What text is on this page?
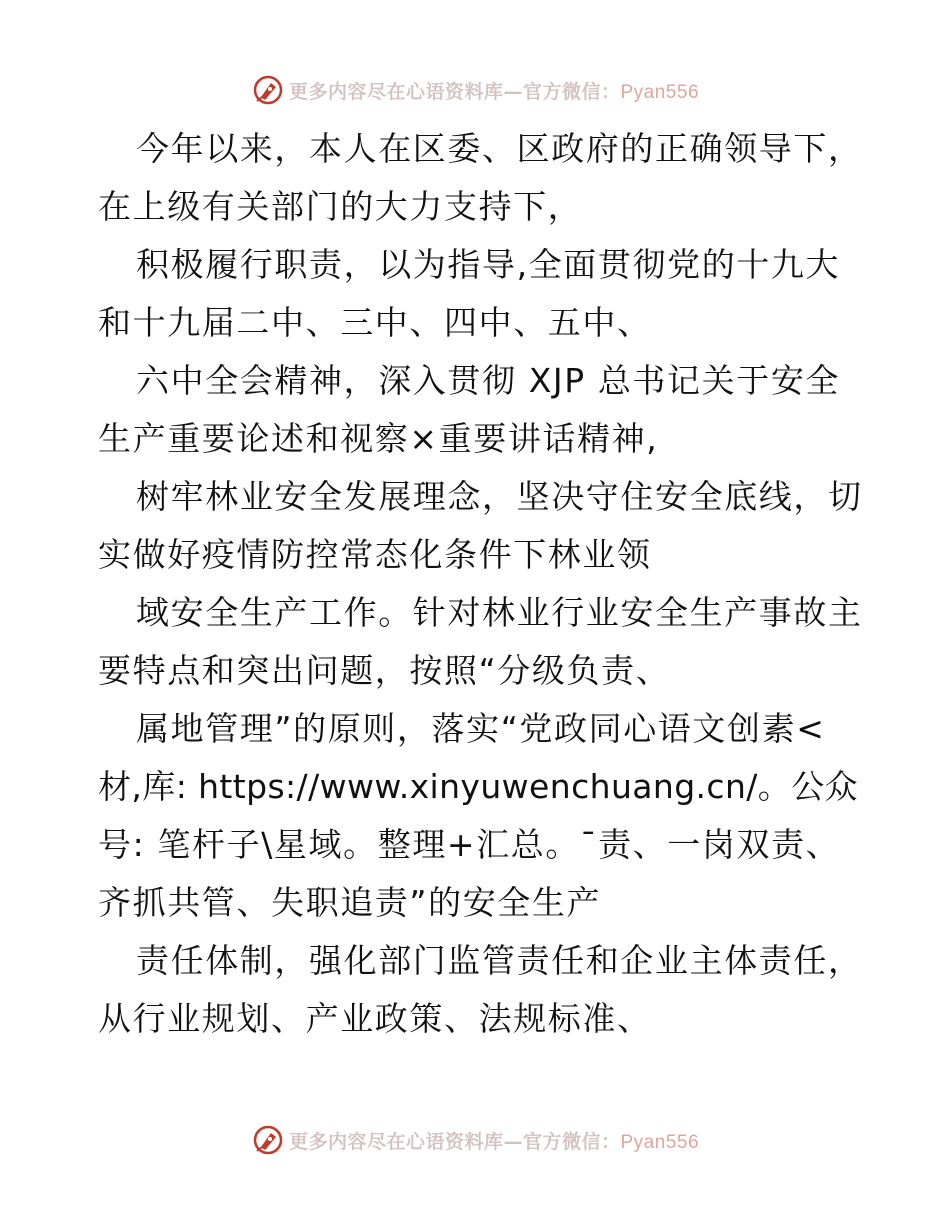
更多内容尽在心语资料库—官方微信：Pyan556
今年以来，本人在区委、区政府的正确领导下，
在上级有关部门的大力支持下，
积极履行职责，以为指导,全面贯彻党的十九大
和十九届二中、三中、四中、五中、
六中全会精神，深入贯彻 XJP 总书记关于安全
生产重要论述和视察×重要讲话精神,
树牢林业安全发展理念，坚决守住安全底线，切
实做好疫情防控常态化条件下林业领
域安全生产工作。针对林业行业安全生产事故主
要特点和突出问题，按照“分级负责、
属地管理”的原则，落实“党政同心语文创素<
材,库: https://www.xinyuwenchuang.cn/。公众
号: 笔杆子\星域。整理+汇总。¯责、一岗双责、
齐抓共管、失职追责”的安全生产
责任体制，强化部门监管责任和企业主体责任，
从行业规划、产业政策、法规标准、
更多内容尽在心语资料库—官方微信：Pyan556
